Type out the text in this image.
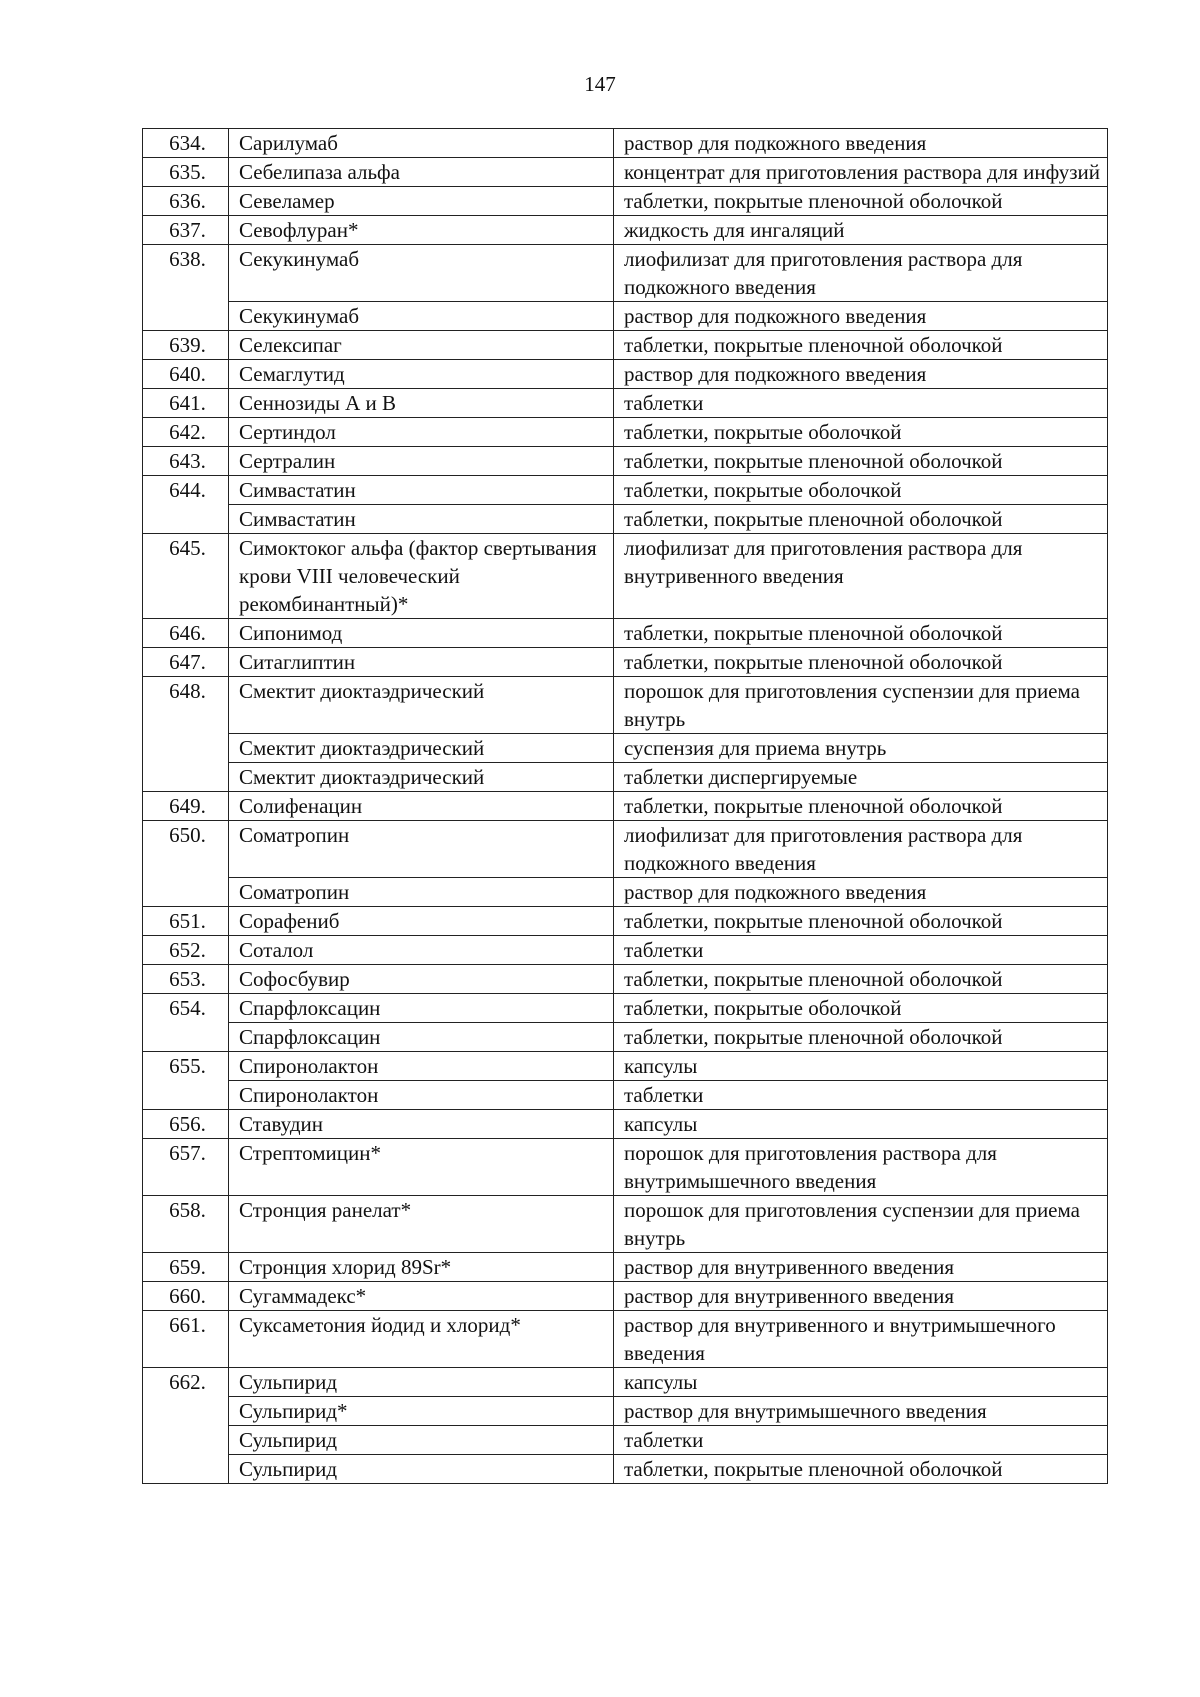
147
634.	Сарилумаб	раствор для подкожного введения
635.	Себелипаза альфа	концентрат для приготовления раствора для инфузий
636.	Севеламер	таблетки, покрытые пленочной оболочкой
637.	Севофлуран*	жидкость для ингаляций
638.	Секукинумаб	лиофилизат для приготовления раствора для подкожного введения
	Секукинумаб	раствор для подкожного введения
639.	Селексипаг	таблетки, покрытые пленочной оболочкой
640.	Семаглутид	раствор для подкожного введения
641.	Сеннозиды А и В	таблетки
642.	Сертиндол	таблетки, покрытые оболочкой
643.	Сертралин	таблетки, покрытые пленочной оболочкой
644.	Симвастатин	таблетки, покрытые оболочкой
	Симвастатин	таблетки, покрытые пленочной оболочкой
645.	Симоктоког альфа (фактор свертывания крови VIII человеческий рекомбинантный)*	лиофилизат для приготовления раствора для внутривенного введения
646.	Сипонимод	таблетки, покрытые пленочной оболочкой
647.	Ситаглиптин	таблетки, покрытые пленочной оболочкой
648.	Смектит диоктаэдрический	порошок для приготовления суспензии для приема внутрь
	Смектит диоктаэдрический	суспензия для приема внутрь
	Смектит диоктаэдрический	таблетки диспергируемые
649.	Солифенацин	таблетки, покрытые пленочной оболочкой
650.	Соматропин	лиофилизат для приготовления раствора для подкожного введения
	Соматропин	раствор для подкожного введения
651.	Сорафениб	таблетки, покрытые пленочной оболочкой
652.	Соталол	таблетки
653.	Софосбувир	таблетки, покрытые пленочной оболочкой
654.	Спарфлоксацин	таблетки, покрытые оболочкой
	Спарфлоксацин	таблетки, покрытые пленочной оболочкой
655.	Спиронолактон	капсулы
	Спиронолактон	таблетки
656.	Ставудин	капсулы
657.	Стрептомицин*	порошок для приготовления раствора для внутримышечного введения
658.	Стронция ранелат*	порошок для приготовления суспензии для приема внутрь
659.	Стронция хлорид 89Sr*	раствор для внутривенного введения
660.	Сугаммадекс*	раствор для внутривенного введения
661.	Суксаметония йодид и хлорид*	раствор для внутривенного и внутримышечного введения
662.	Сульпирид	капсулы
	Сульпирид*	раствор для внутримышечного введения
	Сульпирид	таблетки
	Сульпирид	таблетки, покрытые пленочной оболочкой
